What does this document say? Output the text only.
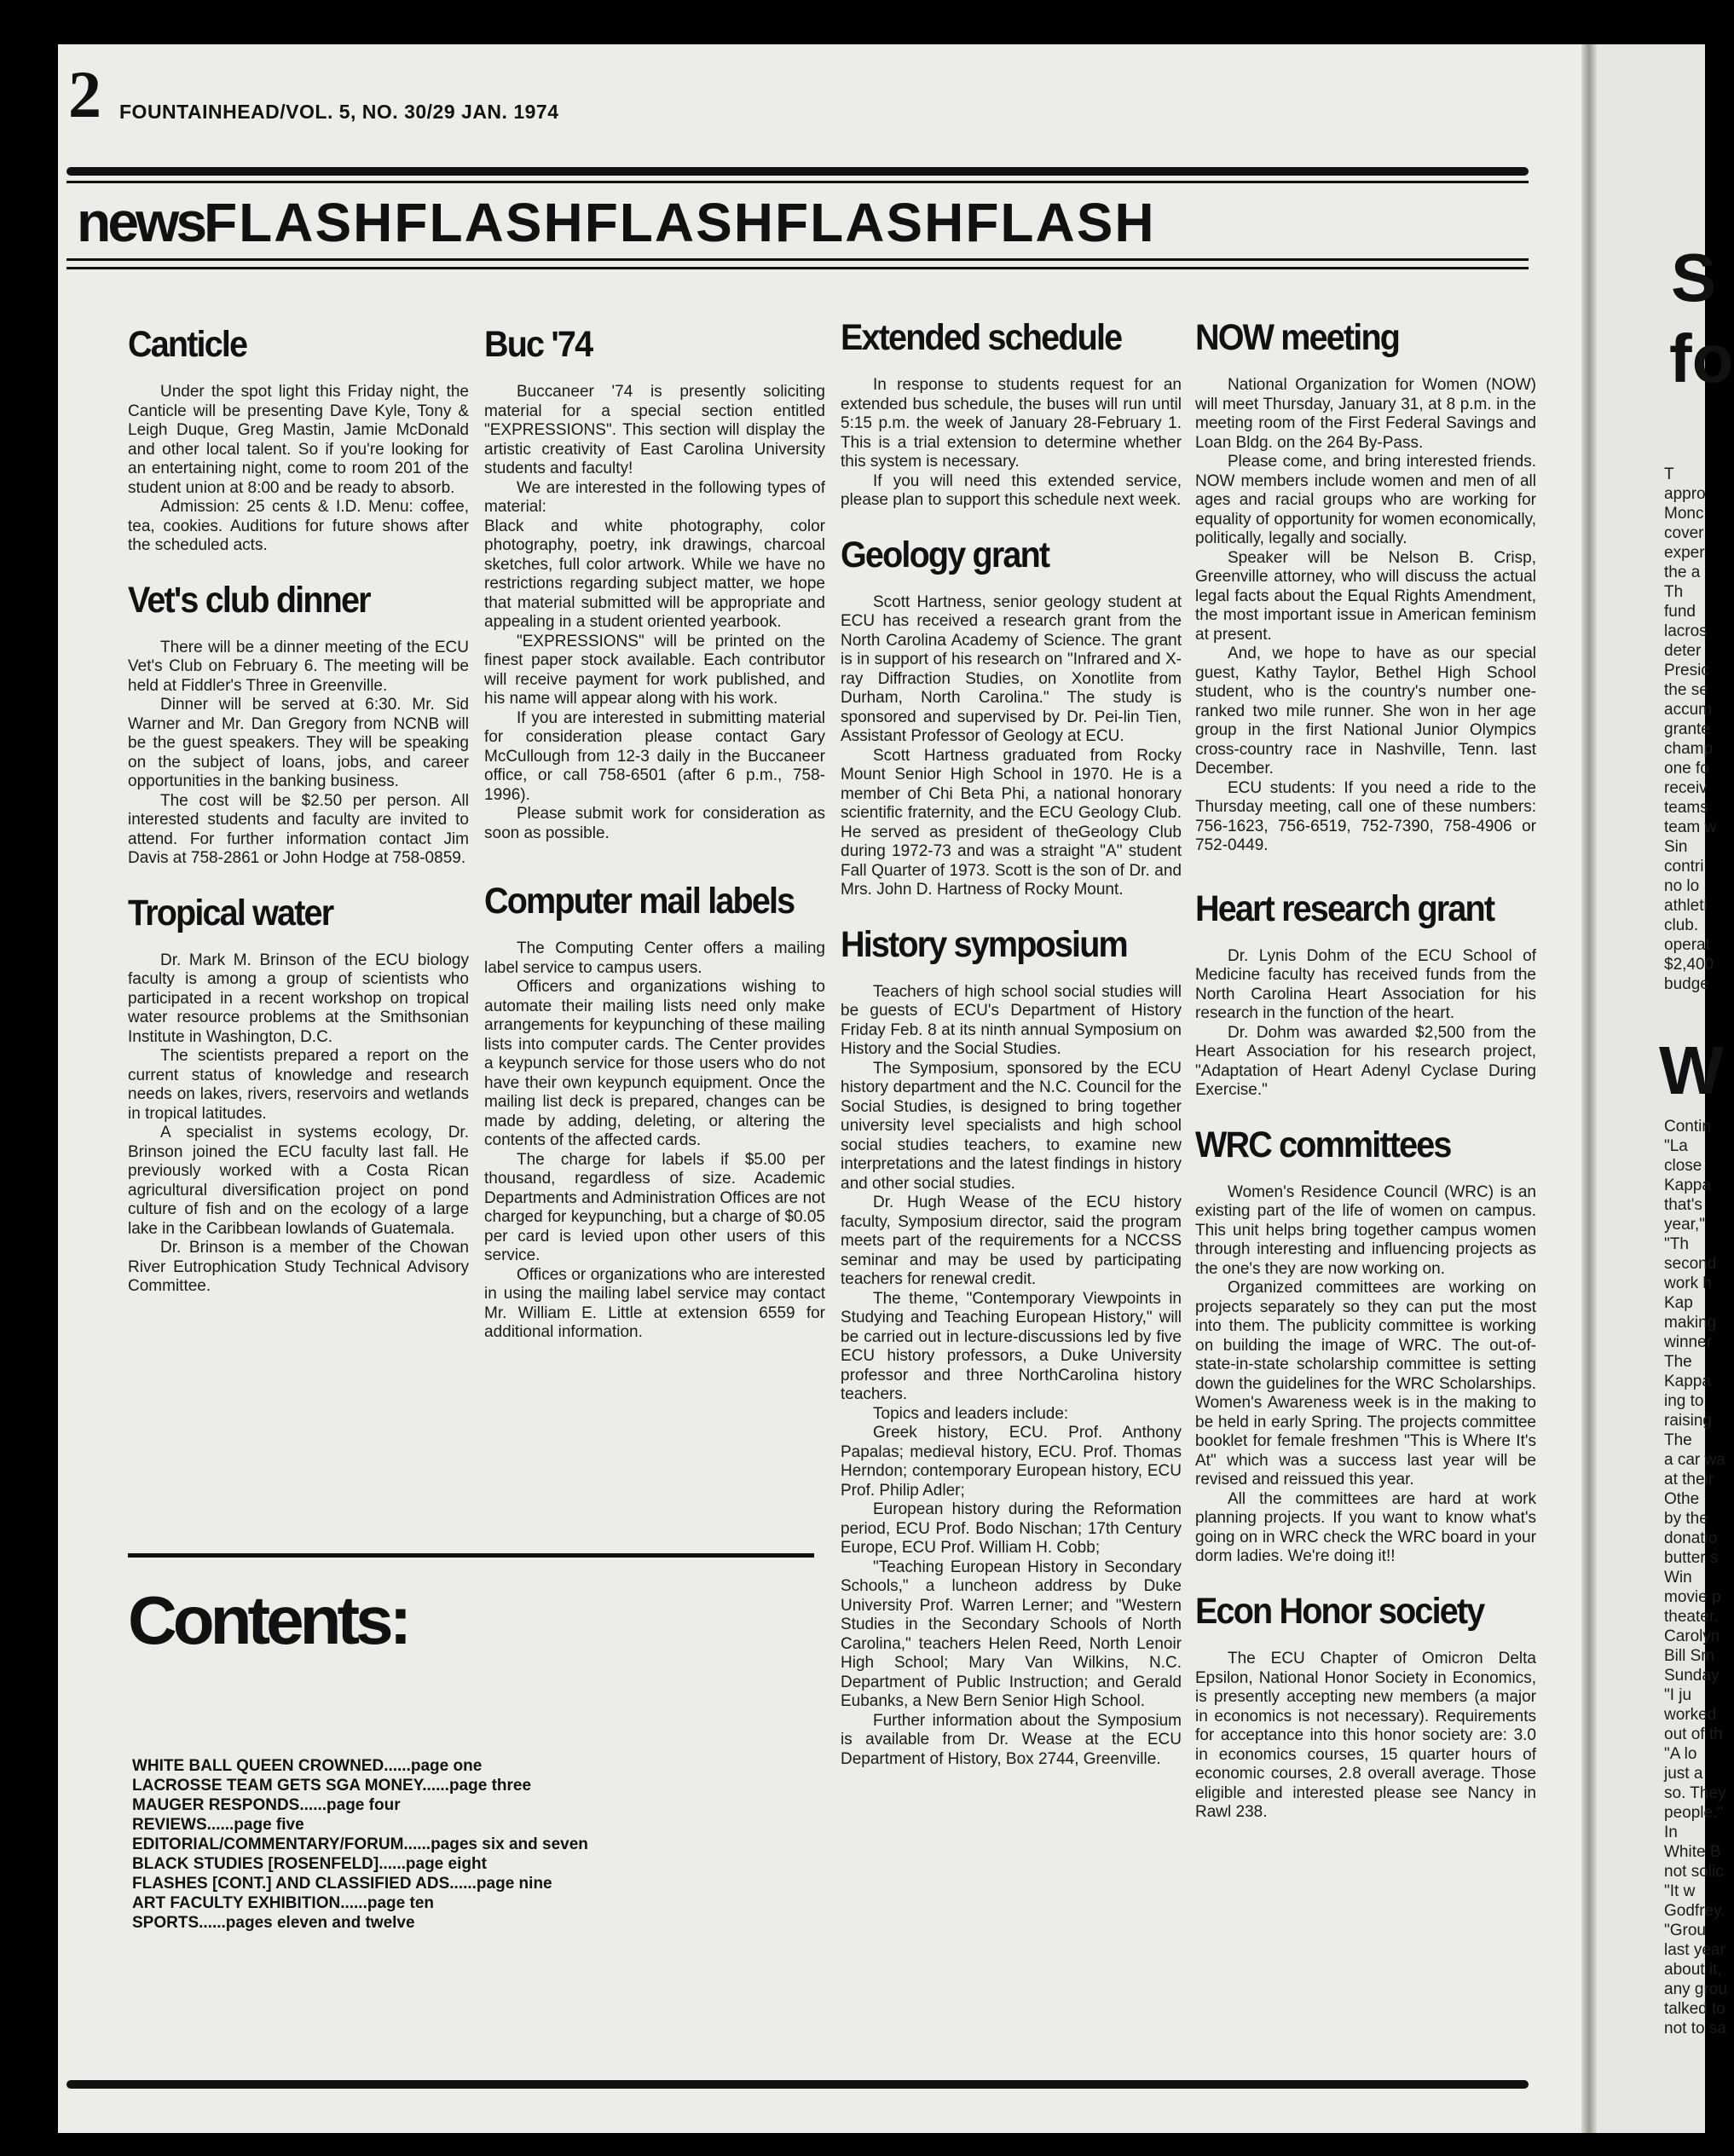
2 FOUNTAINHEAD/VOL. 5, NO. 30/29 JAN. 1974
newsFLASHFLASHFLASHFLASHFLASH
Canticle

Under the spot light this Friday night, the Canticle will be presenting Dave Kyle, Tony & Leigh Duque, Greg Mastin, Jamie McDonald and other local talent. So if you're looking for an entertaining night, come to room 201 of the student union at 8:00 and be ready to absorb.

Admission: 25 cents & I.D. Menu: coffee, tea, cookies. Auditions for future shows after the scheduled acts.

Vet's club dinner

There will be a dinner meeting of the ECU Vet's Club on February 6. The meeting will be held at Fiddler's Three in Greenville.

Dinner will be served at 6:30. Mr. Sid Warner and Mr. Dan Gregory from NCNB will be the guest speakers. They will be speaking on the subject of loans, jobs, and career opportunities in the banking business.

The cost will be $2.50 per person. All interested students and faculty are invited to attend. For further information contact Jim Davis at 758-2861 or John Hodge at 758-0859.

Tropical water

Dr. Mark M. Brinson of the ECU biology faculty is among a group of scientists who participated in a recent workshop on tropical water resource problems at the Smithsonian Institute in Washington, D.C.

The scientists prepared a report on the current status of knowledge and research needs on lakes, rivers, reservoirs and wetlands in tropical latitudes.

A specialist in systems ecology, Dr. Brinson joined the ECU faculty last fall. He previously worked with a Costa Rican agricultural diversification project on pond culture of fish and on the ecology of a large lake in the Caribbean lowlands of Guatemala.

Dr. Brinson is a member of the Chowan River Eutrophication Study Technical Advisory Committee.

Buc '74

Buccaneer '74 is presently soliciting material for a special section entitled "EXPRESSIONS". This section will display the artistic creativity of East Carolina University students and faculty!

We are interested in the following types of material:

Black and white photography, color photography, poetry, ink drawings, charcoal sketches, full color artwork. While we have no restrictions regarding subject matter, we hope that material submitted will be appropriate and appealing in a student oriented yearbook.

"EXPRESSIONS" will be printed on the finest paper stock available. Each contributor will receive payment for work published, and his name will appear along with his work.

If you are interested in submitting material for consideration please contact Gary McCullough from 12-3 daily in the Buccaneer office, or call 758-6501 (after 6 p.m., 758-1996).

Please submit work for consideration as soon as possible.

Computer mail labels

The Computing Center offers a mailing label service to campus users.

Officers and organizations wishing to automate their mailing lists need only make arrangements for keypunching of these mailing lists into computer cards. The Center provides a keypunch service for those users who do not have their own keypunch equipment. Once the mailing list deck is prepared, changes can be made by adding, deleting, or altering the contents of the affected cards.

The charge for labels if $5.00 per thousand, regardless of size. Academic Departments and Administration Offices are not charged for keypunching, but a charge of $0.05 per card is levied upon other users of this service.

Offices or organizations who are interested in using the mailing label service may contact Mr. William E. Little at extension 6559 for additional information.

Extended schedule

In response to students request for an extended bus schedule, the buses will run until 5:15 p.m. the week of January 28-February 1. This is a trial extension to determine whether this system is necessary.

If you will need this extended service, please plan to support this schedule next week.

Geology grant

Scott Hartness, senior geology student at ECU has received a research grant from the North Carolina Academy of Science. The grant is in support of his research on "Infrared and X-ray Diffraction Studies, on Xonotlite from Durham, North Carolina." The study is sponsored and supervised by Dr. Pei-lin Tien, Assistant Professor of Geology at ECU.

Scott Hartness graduated from Rocky Mount Senior High School in 1970. He is a member of Chi Beta Phi, a national honorary scientific fraternity, and the ECU Geology Club. He served as president of theGeology Club during 1972-73 and was a straight "A" student Fall Quarter of 1973. Scott is the son of Dr. and Mrs. John D. Hartness of Rocky Mount.

History symposium

Teachers of high school social studies will be guests of ECU's Department of History Friday Feb. 8 at its ninth annual Symposium on History and the Social Studies.

The Symposium, sponsored by the ECU history department and the N.C. Council for the Social Studies, is designed to bring together university level specialists and high school social studies teachers, to examine new interpretations and the latest findings in history and other social studies.

Dr. Hugh Wease of the ECU history faculty, Symposium director, said the program meets part of the requirements for a NCCSS seminar and may be used by participating teachers for renewal credit.

The theme, "Contemporary Viewpoints in Studying and Teaching European History," will be carried out in lecture-discussions led by five ECU history professors, a Duke University professor and three NorthCarolina history teachers.

Topics and leaders include:

Greek history, ECU. Prof. Anthony Papalas; medieval history, ECU. Prof. Thomas Herndon; contemporary European history, ECU Prof. Philip Adler;

European history during the Reformation period, ECU Prof. Bodo Nischan; 17th Century Europe, ECU Prof. William H. Cobb;

"Teaching European History in Secondary Schools," a luncheon address by Duke University Prof. Warren Lerner; and "Western Studies in the Secondary Schools of North Carolina," teachers Helen Reed, North Lenoir High School; Mary Van Wilkins, N.C. Department of Public Instruction; and Gerald Eubanks, a New Bern Senior High School.

Further information about the Symposium is available from Dr. Wease at the ECU Department of History, Box 2744, Greenville.

NOW meeting

National Organization for Women (NOW) will meet Thursday, January 31, at 8 p.m. in the meeting room of the First Federal Savings and Loan Bldg. on the 264 By-Pass.

Please come, and bring interested friends. NOW members include women and men of all ages and racial groups who are working for equality of opportunity for women economically, politically, legally and socially.

Speaker will be Nelson B. Crisp, Greenville attorney, who will discuss the actual legal facts about the Equal Rights Amendment, the most important issue in American feminism at present.

And, we hope to have as our special guest, Kathy Taylor, Bethel High School student, who is the country's number one-ranked two mile runner. She won in her age group in the first National Junior Olympics cross-country race in Nashville, Tenn. last December.

ECU students: If you need a ride to the Thursday meeting, call one of these numbers: 756-1623, 756-6519, 752-7390, 758-4906 or 752-0449.

Heart research grant

Dr. Lynis Dohm of the ECU School of Medicine faculty has received funds from the North Carolina Heart Association for his research in the function of the heart.

Dr. Dohm was awarded $2,500 from the Heart Association for his research project, "Adaptation of Heart Adenyl Cyclase During Exercise."

WRC committees

Women's Residence Council (WRC) is an existing part of the life of women on campus. This unit helps bring together campus women through interesting and influencing projects as the one's they are now working on.

Organized committees are working on projects separately so they can put the most into them. The publicity committee is working on building the image of WRC. The out-of-state-in-state scholarship committee is setting down the guidelines for the WRC Scholarships. Women's Awareness week is in the making to be held in early Spring. The projects committee booklet for female freshmen "This is Where It's At" which was a success last year will be revised and reissued this year.

All the committees are hard at work planning projects. If you want to know what's going on in WRC check the WRC board in your dorm ladies. We're doing it!!

Econ Honor society

The ECU Chapter of Omicron Delta Epsilon, National Honor Society in Economics, is presently accepting new members (a major in economics is not necessary). Requirements for acceptance into this honor society are: 3.0 in economics courses, 15 quarter hours of economic courses, 2.8 overall average. Those eligible and interested please see Nancy in Rawl 238.

Contents:
WHITE BALL QUEEN CROWNED......page one
LACROSSE TEAM GETS SGA MONEY......page three
MAUGER RESPONDS......page four
REVIEWS......page five
EDITORIAL/COMMENTARY/FORUM......pages six and seven
BLACK STUDIES [ROSENFELD]......page eight
FLASHES [CONT.] AND CLASSIFIED ADS......page nine
ART FACULTY EXHIBITION......page ten
SPORTS......pages eleven and twelve
S
fo
W
T
appro
Monc
cover
exper
the a
Th
fund
lacros
deter
Presic
the se
accum
grante
champ
one fo
receiv
teams
team w
Sin
contri
no lo
athleti
club.
operat
$2,400
budge
Contin
"La
close
Kappa
that's
year,"
"Th
second
work h
Kap
making
winner
The
Kappa
ing to
raising
The
a car wa
at their
Othe
by the
donatio
butter s
Win
movie p
theater.
Carolyn
Bill Sm
Sunday
"I ju
worked
out of th
"A lo
just a
so. They
people."
In
White B
not solic
"It w
Godfrey.
"Grou
last year
about it,
any grou
talked to
not to sa
